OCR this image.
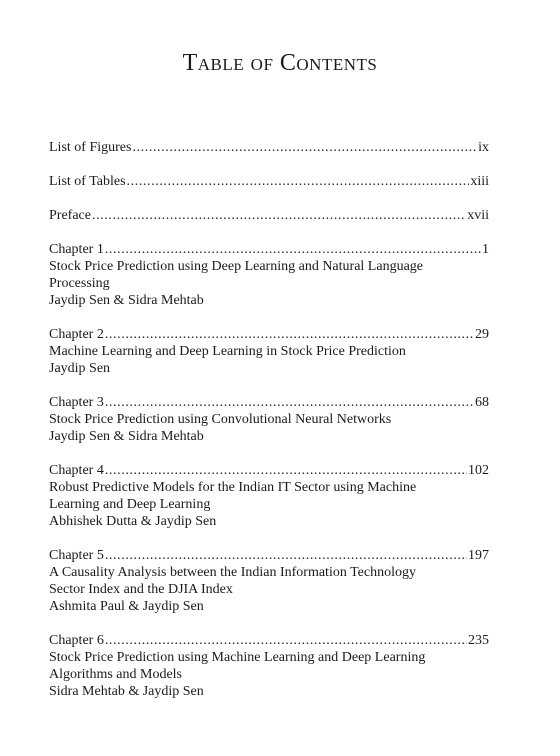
Table of Contents
List of Figures .....	ix
List of Tables .....	xiii
Preface .....	xvii
Chapter 1 .....	1
Stock Price Prediction using Deep Learning and Natural Language
Processing
Jaydip Sen & Sidra Mehtab
Chapter 2 .....	29
Machine Learning and Deep Learning in Stock Price Prediction
Jaydip Sen
Chapter 3 .....	68
Stock Price Prediction using Convolutional Neural Networks
Jaydip Sen & Sidra Mehtab
Chapter 4 .....	102
Robust Predictive Models for the Indian IT Sector using Machine
Learning and Deep Learning
Abhishek Dutta & Jaydip Sen
Chapter 5 .....	197
A Causality Analysis between the Indian Information Technology
Sector Index and the DJIA Index
Ashmita Paul & Jaydip Sen
Chapter 6 .....	235
Stock Price Prediction using Machine Learning and Deep Learning
Algorithms and Models
Sidra Mehtab & Jaydip Sen
